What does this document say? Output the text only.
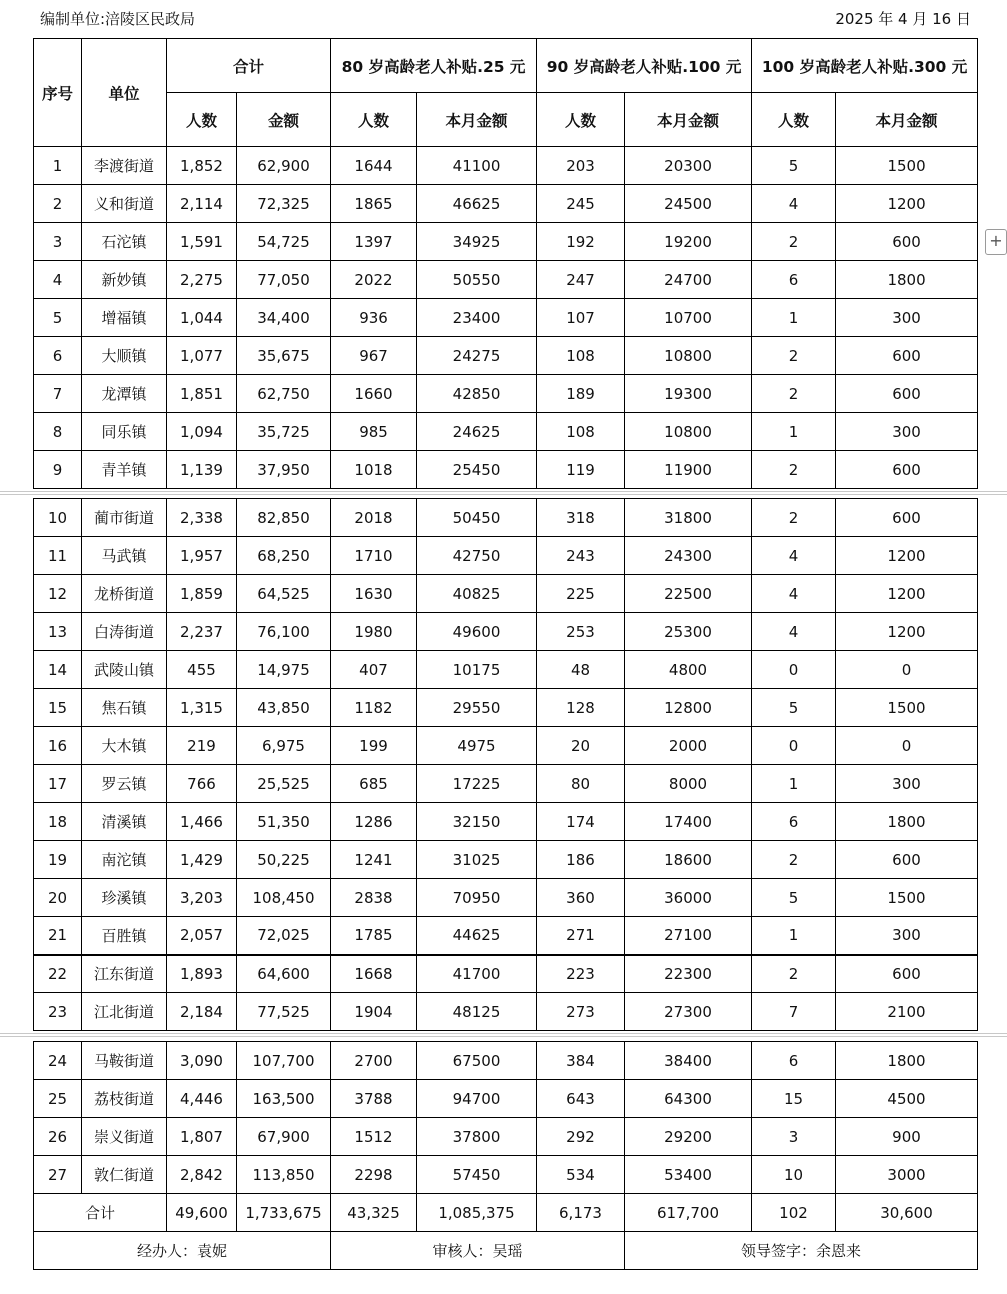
编制单位:涪陵区民政局	2025 年 4 月 16 日
+
序号	单位	合计		80 岁高龄老人补贴.25 元		90 岁高龄老人补贴.100 元		100 岁高龄老人补贴.300 元	
		人数	金额	人数	本月金额	人数	本月金额	人数	本月金额
1	李渡街道	1,852	62,900	1644	41100	203	20300	5	1500
2	义和街道	2,114	72,325	1865	46625	245	24500	4	1200
3	石沱镇	1,591	54,725	1397	34925	192	19200	2	600
4	新妙镇	2,275	77,050	2022	50550	247	24700	6	1800
5	增福镇	1,044	34,400	936	23400	107	10700	1	300
6	大顺镇	1,077	35,675	967	24275	108	10800	2	600
7	龙潭镇	1,851	62,750	1660	42850	189	19300	2	600
8	同乐镇	1,094	35,725	985	24625	108	10800	1	300
9	青羊镇	1,139	37,950	1018	25450	119	11900	2	600
10	蔺市街道	2,338	82,850	2018	50450	318	31800	2	600
11	马武镇	1,957	68,250	1710	42750	243	24300	4	1200
12	龙桥街道	1,859	64,525	1630	40825	225	22500	4	1200
13	白涛街道	2,237	76,100	1980	49600	253	25300	4	1200
14	武陵山镇	455	14,975	407	10175	48	4800	0	0
15	焦石镇	1,315	43,850	1182	29550	128	12800	5	1500
16	大木镇	219	6,975	199	4975	20	2000	0	0
17	罗云镇	766	25,525	685	17225	80	8000	1	300
18	清溪镇	1,466	51,350	1286	32150	174	17400	6	1800
19	南沱镇	1,429	50,225	1241	31025	186	18600	2	600
20	珍溪镇	3,203	108,450	2838	70950	360	36000	5	1500
21	百胜镇	2,057	72,025	1785	44625	271	27100	1	300
22	江东街道	1,893	64,600	1668	41700	223	22300	2	600
23	江北街道	2,184	77,525	1904	48125	273	27300	7	2100
24	马鞍街道	3,090	107,700	2700	67500	384	38400	6	1800
25	荔枝街道	4,446	163,500	3788	94700	643	64300	15	4500
26	崇义街道	1,807	67,900	1512	37800	292	29200	3	900
27	敦仁街道	2,842	113,850	2298	57450	534	53400	10	3000
合计		49,600	1,733,675	43,325	1,085,375	6,173	617,700	102	30,600
经办人：袁妮				审核人：吴瑶			领导签字：余恩来		
